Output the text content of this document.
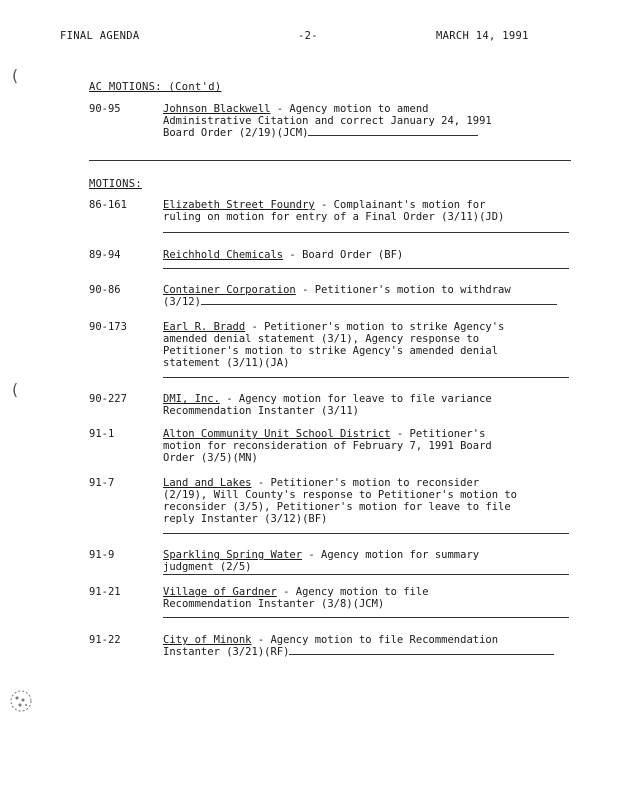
FINAL AGENDA	-2-	MARCH 14, 1991
(
(
AC MOTIONS: (Cont'd)
90-95	Johnson Blackwell - Agency motion to amend
Administrative Citation and correct January 24, 1991
Board Order (2/19)(JCM)
MOTIONS:
86-161	Elizabeth Street Foundry - Complainant's motion for
ruling on motion for entry of a Final Order (3/11)(JD)
89-94	Reichhold Chemicals - Board Order (BF)
90-86	Container Corporation - Petitioner's motion to withdraw
(3/12)
90-173	Earl R. Bradd - Petitioner's motion to strike Agency's
amended denial statement (3/1), Agency response to
Petitioner's motion to strike Agency's amended denial
statement (3/11)(JA)
90-227	DMI, Inc. - Agency motion for leave to file variance
Recommendation Instanter (3/11)
91-1	Alton Community Unit School District - Petitioner's
motion for reconsideration of February 7, 1991 Board
Order (3/5)(MN)
91-7	Land and Lakes - Petitioner's motion to reconsider
(2/19), Will County's response to Petitioner's motion to
reconsider (3/5), Petitioner's motion for leave to file
reply Instanter (3/12)(BF)
91-9	Sparkling Spring Water - Agency motion for summary
judgment (2/5)
91-21	Village of Gardner - Agency motion to file
Recommendation Instanter (3/8)(JCM)
91-22	City of Minonk - Agency motion to file Recommendation
Instanter (3/21)(RF)
